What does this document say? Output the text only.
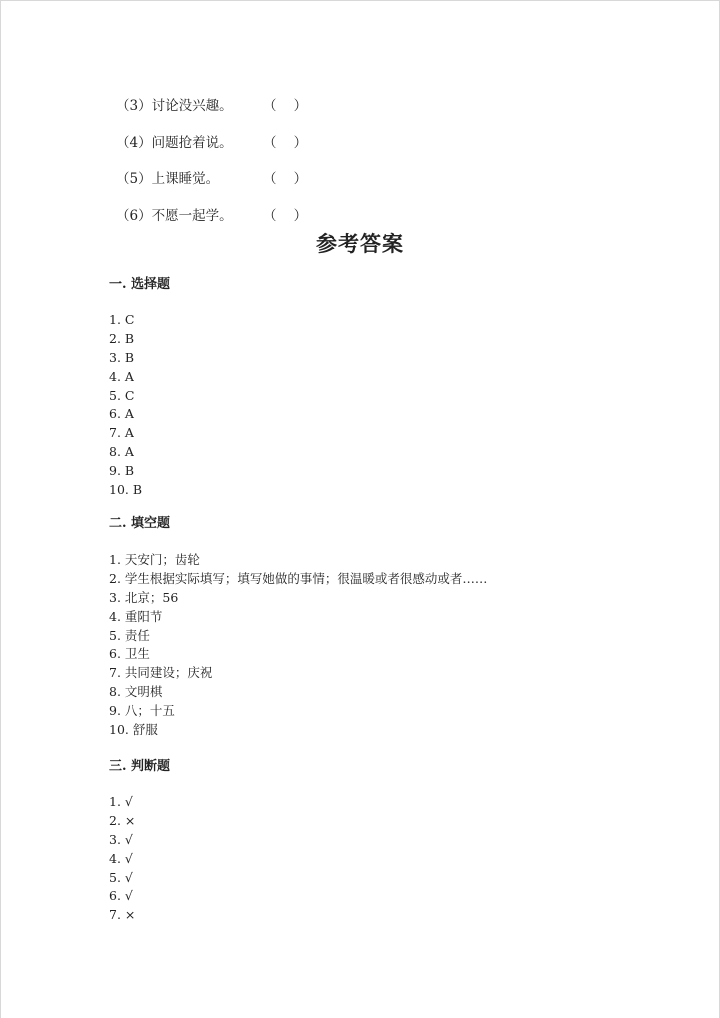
（3）讨论没兴趣。	（    ）
（4）问题抢着说。	（    ）
（5）上课睡觉。	（    ）
（6）不愿一起学。	（    ）
参考答案
一. 选择题
1. C
2. B
3. B
4. A
5. C
6. A
7. A
8. A
9. B
10. B
二. 填空题
1. 天安门；齿轮
2. 学生根据实际填写；填写她做的事情；很温暖或者很感动或者……
3. 北京；56
4. 重阳节
5. 责任
6. 卫生
7. 共同建设；庆祝
8. 文明棋
9. 八；十五
10. 舒服
三. 判断题
1. √
2. ×
3. √
4. √
5. √
6. √
7. ×
